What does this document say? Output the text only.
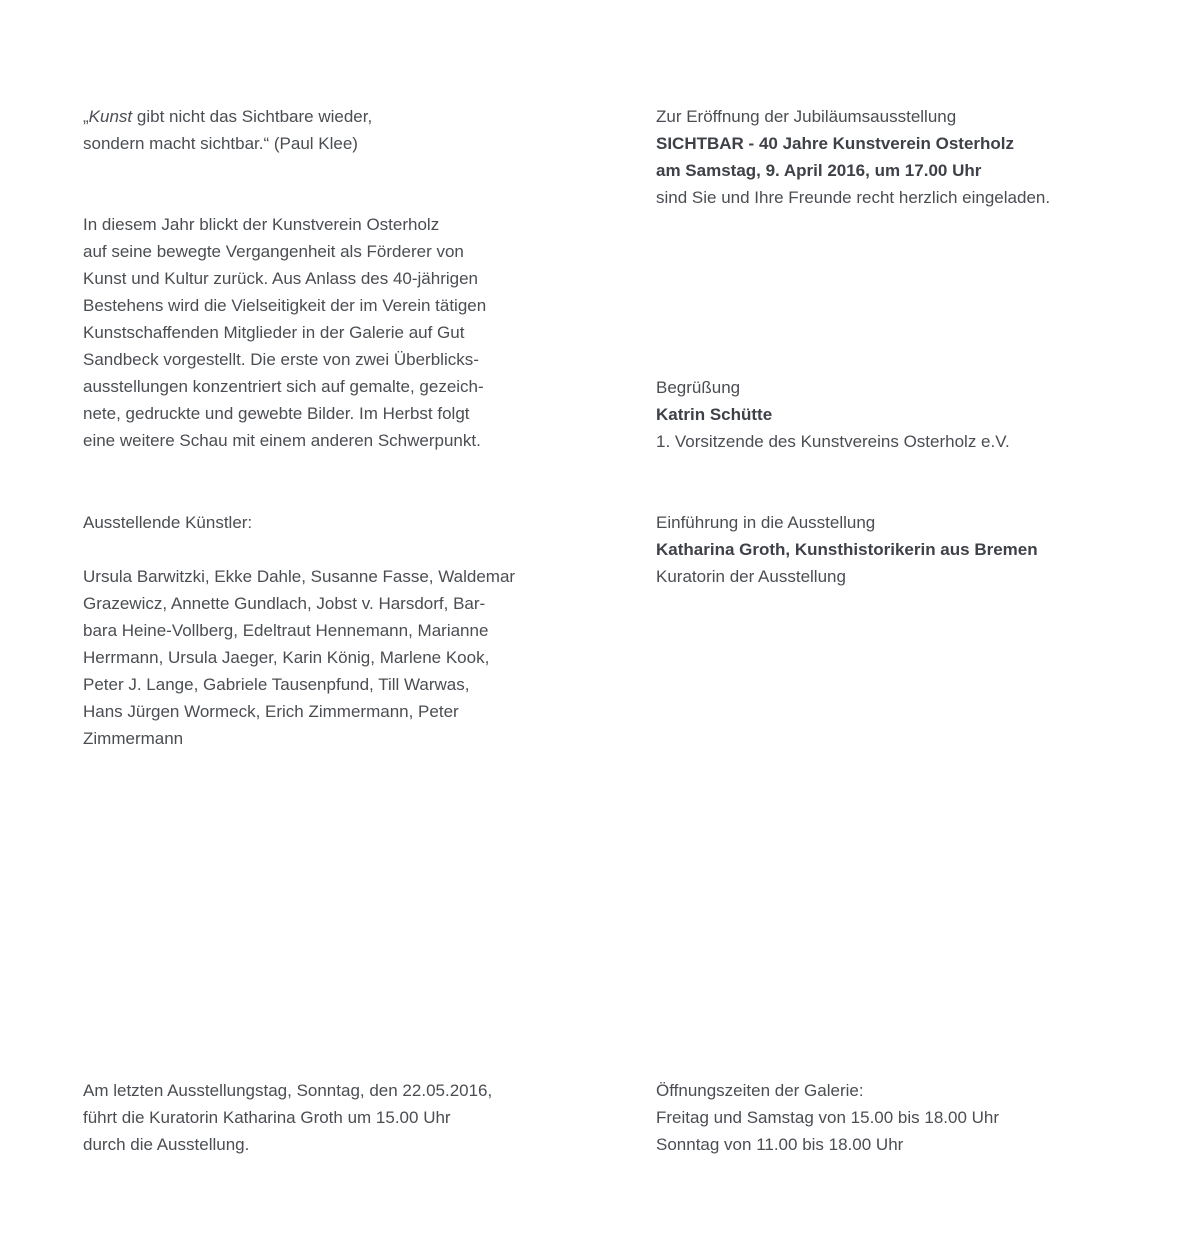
„Kunst gibt nicht das Sichtbare wieder,
sondern macht sichtbar.“ (Paul Klee)
In diesem Jahr blickt der Kunstverein Osterholz
auf seine bewegte Vergangenheit als Förderer von
Kunst und Kultur zurück. Aus Anlass des 40-jährigen
Bestehens wird die Vielseitigkeit der im Verein tätigen
Kunstschaffenden Mitglieder in der Galerie auf Gut
Sandbeck vorgestellt. Die erste von zwei Überblicks-
ausstellungen konzentriert sich auf gemalte, gezeich-
nete, gedruckte und gewebte Bilder. Im Herbst folgt
eine weitere Schau mit einem anderen Schwerpunkt.
Ausstellende Künstler:
Ursula Barwitzki, Ekke Dahle, Susanne Fasse, Waldemar
Grazewicz, Annette Gundlach, Jobst v. Harsdorf, Bar-
bara Heine-Vollberg, Edeltraut Hennemann, Marianne
Herrmann, Ursula Jaeger, Karin König, Marlene Kook,
Peter J. Lange, Gabriele Tausenpfund, Till Warwas,
Hans Jürgen Wormeck, Erich Zimmermann, Peter
Zimmermann
Am letzten Ausstellungstag, Sonntag, den 22.05.2016,
führt die Kuratorin Katharina Groth um 15.00 Uhr
durch die Ausstellung.
Zur Eröffnung der Jubiläumsausstellung
SICHTBAR - 40 Jahre Kunstverein Osterholz
am Samstag, 9. April 2016, um 17.00 Uhr
sind Sie und Ihre Freunde recht herzlich eingeladen.
Begrüßung
Katrin Schütte
1. Vorsitzende des Kunstvereins Osterholz e.V.
Einführung in die Ausstellung
Katharina Groth, Kunsthistorikerin aus Bremen
Kuratorin der Ausstellung
Öffnungszeiten der Galerie:
Freitag und Samstag von 15.00 bis 18.00 Uhr
Sonntag von 11.00 bis 18.00 Uhr
